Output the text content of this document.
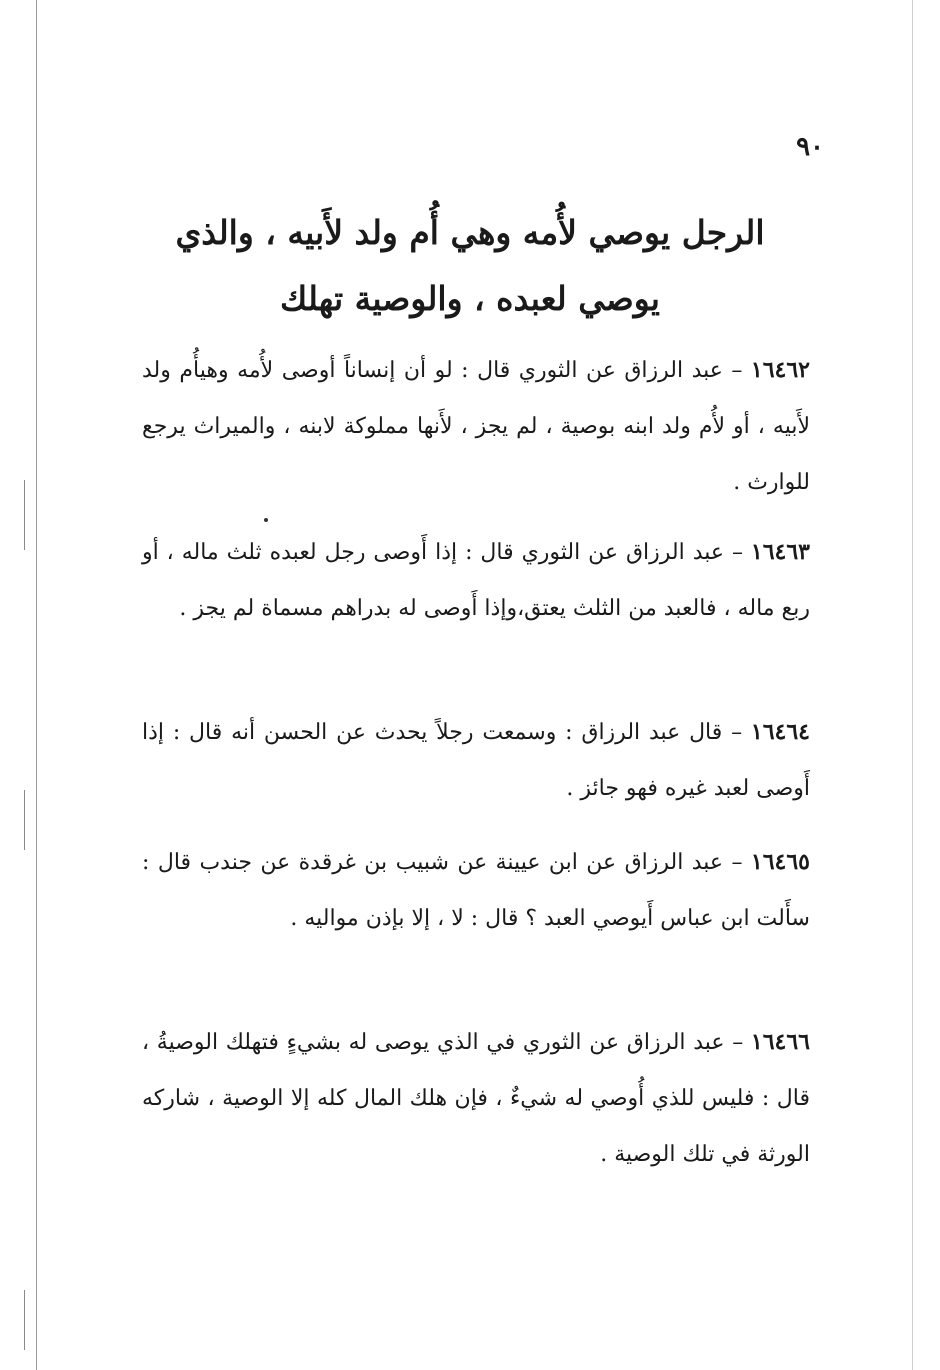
٩٠
الرجل يوصي لأُمه وهي أُم ولد لأَبيه ، والذي يوصي لعبده ، والوصية تهلك
١٦٤٦٢ – عبد الرزاق عن الثوري قال : لو أن إنساناً أوصى لأُمه وهيأُم ولد لأَبيه ، أو لأُم ولد ابنه بوصية ، لم يجز ، لأَنها مملوكة لابنه ، والميراث يرجع للوارث .
١٦٤٦٣ – عبد الرزاق عن الثوري قال : إذا أَوصى رجل لعبده ثلث ماله ، أو ربع ماله ، فالعبد من الثلث يعتق،وإذا أَوصى له بدراهم مسماة لم يجز .
١٦٤٦٤ – قال عبد الرزاق : وسمعت رجلاً يحدث عن الحسن أنه قال : إذا أَوصى لعبد غيره فهو جائز .
١٦٤٦٥ – عبد الرزاق عن ابن عيينة عن شبيب بن غرقدة عن جندب قال : سأَلت ابن عباس أَيوصي العبد ؟ قال : لا ، إلا بإذن مواليه .
١٦٤٦٦ – عبد الرزاق عن الثوري في الذي يوصى له بشيءٍ فتهلك الوصيةُ ، قال : فليس للذي أُوصي له شيءٌ ، فإن هلك المال كله إلا الوصية ، شاركه الورثة في تلك الوصية .
